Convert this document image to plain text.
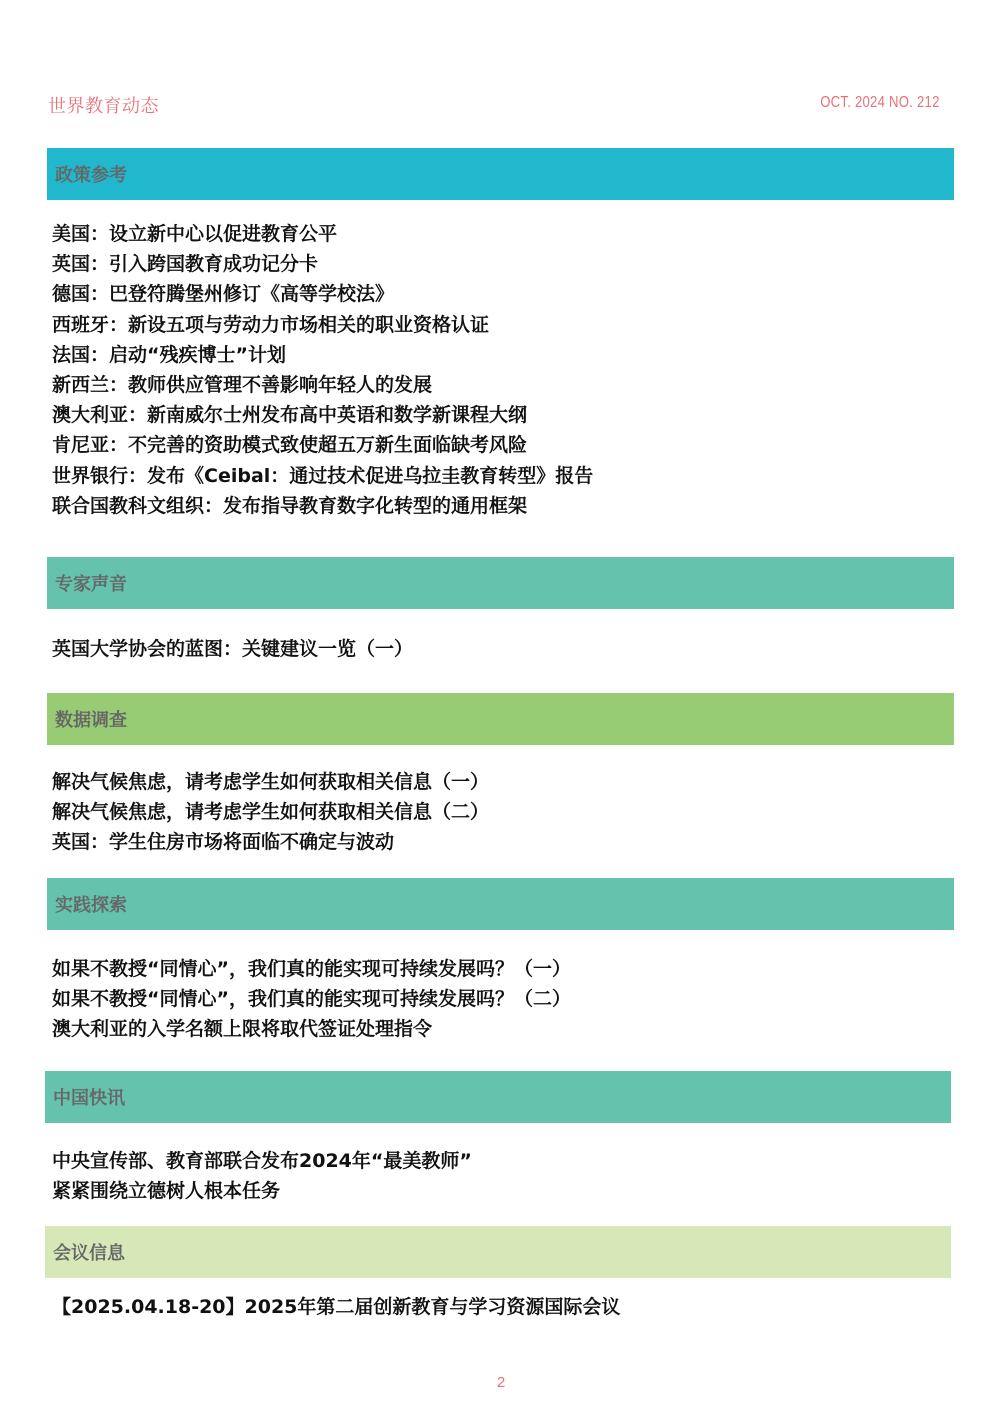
世界教育动态	OCT. 2024 NO. 212
政策参考
美国：设立新中心以促进教育公平
英国：引入跨国教育成功记分卡
德国：巴登符腾堡州修订《高等学校法》
西班牙：新设五项与劳动力市场相关的职业资格认证
法国：启动“残疾博士”计划
新西兰：教师供应管理不善影响年轻人的发展
澳大利亚：新南威尔士州发布高中英语和数学新课程大纲
肯尼亚：不完善的资助模式致使超五万新生面临缺考风险
世界银行：发布《Ceibal：通过技术促进乌拉圭教育转型》报告
联合国教科文组织：发布指导教育数字化转型的通用框架
专家声音
英国大学协会的蓝图：关键建议一览（一）
数据调查
解决气候焦虑，请考虑学生如何获取相关信息（一）
解决气候焦虑，请考虑学生如何获取相关信息（二）
英国：学生住房市场将面临不确定与波动
实践探索
如果不教授“同情心”，我们真的能实现可持续发展吗？（一）
如果不教授“同情心”，我们真的能实现可持续发展吗？（二）
澳大利亚的入学名额上限将取代签证处理指令
中国快讯
中央宣传部、教育部联合发布2024年“最美教师”
紧紧围绕立德树人根本任务
会议信息
【2025.04.18-20】2025年第二届创新教育与学习资源国际会议
2
